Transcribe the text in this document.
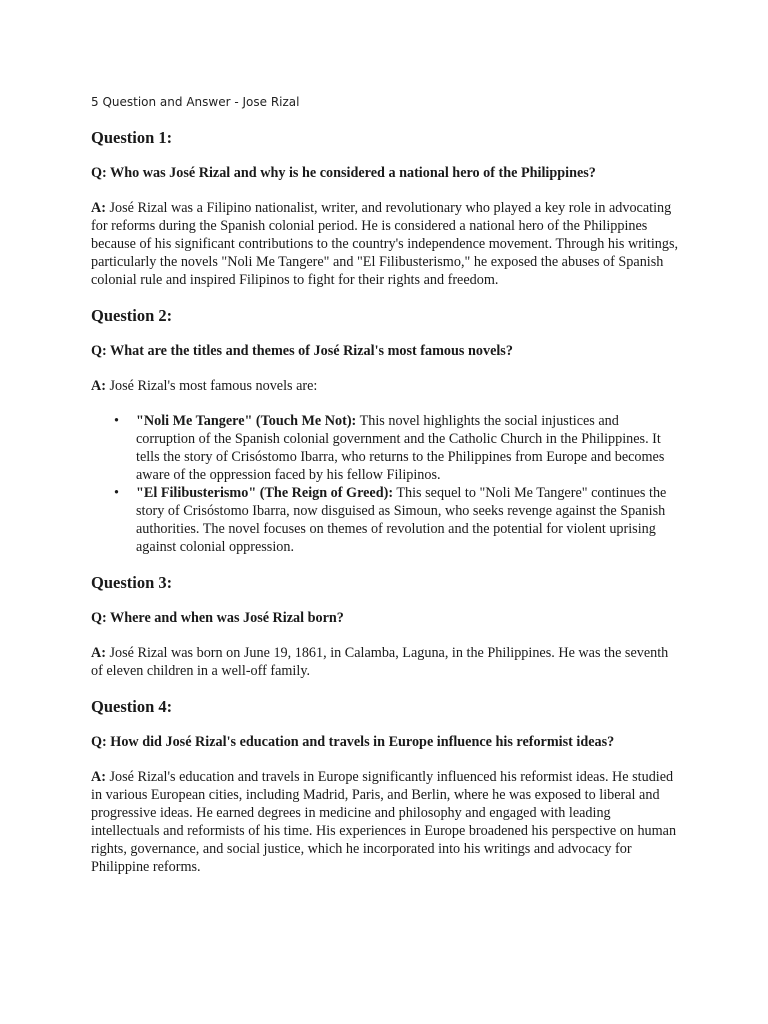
5 Question and Answer - Jose Rizal
Question 1:
Q: Who was José Rizal and why is he considered a national hero of the Philippines?
A: José Rizal was a Filipino nationalist, writer, and revolutionary who played a key role in advocating for reforms during the Spanish colonial period. He is considered a national hero of the Philippines because of his significant contributions to the country's independence movement. Through his writings, particularly the novels "Noli Me Tangere" and "El Filibusterismo," he exposed the abuses of Spanish colonial rule and inspired Filipinos to fight for their rights and freedom.
Question 2:
Q: What are the titles and themes of José Rizal's most famous novels?
A: José Rizal's most famous novels are:
• "Noli Me Tangere" (Touch Me Not): This novel highlights the social injustices and corruption of the Spanish colonial government and the Catholic Church in the Philippines. It tells the story of Crisóstomo Ibarra, who returns to the Philippines from Europe and becomes aware of the oppression faced by his fellow Filipinos.
• "El Filibusterismo" (The Reign of Greed): This sequel to "Noli Me Tangere" continues the story of Crisóstomo Ibarra, now disguised as Simoun, who seeks revenge against the Spanish authorities. The novel focuses on themes of revolution and the potential for violent uprising against colonial oppression.
Question 3:
Q: Where and when was José Rizal born?
A: José Rizal was born on June 19, 1861, in Calamba, Laguna, in the Philippines. He was the seventh of eleven children in a well-off family.
Question 4:
Q: How did José Rizal's education and travels in Europe influence his reformist ideas?
A: José Rizal's education and travels in Europe significantly influenced his reformist ideas. He studied in various European cities, including Madrid, Paris, and Berlin, where he was exposed to liberal and progressive ideas. He earned degrees in medicine and philosophy and engaged with leading intellectuals and reformists of his time. His experiences in Europe broadened his perspective on human rights, governance, and social justice, which he incorporated into his writings and advocacy for Philippine reforms.
